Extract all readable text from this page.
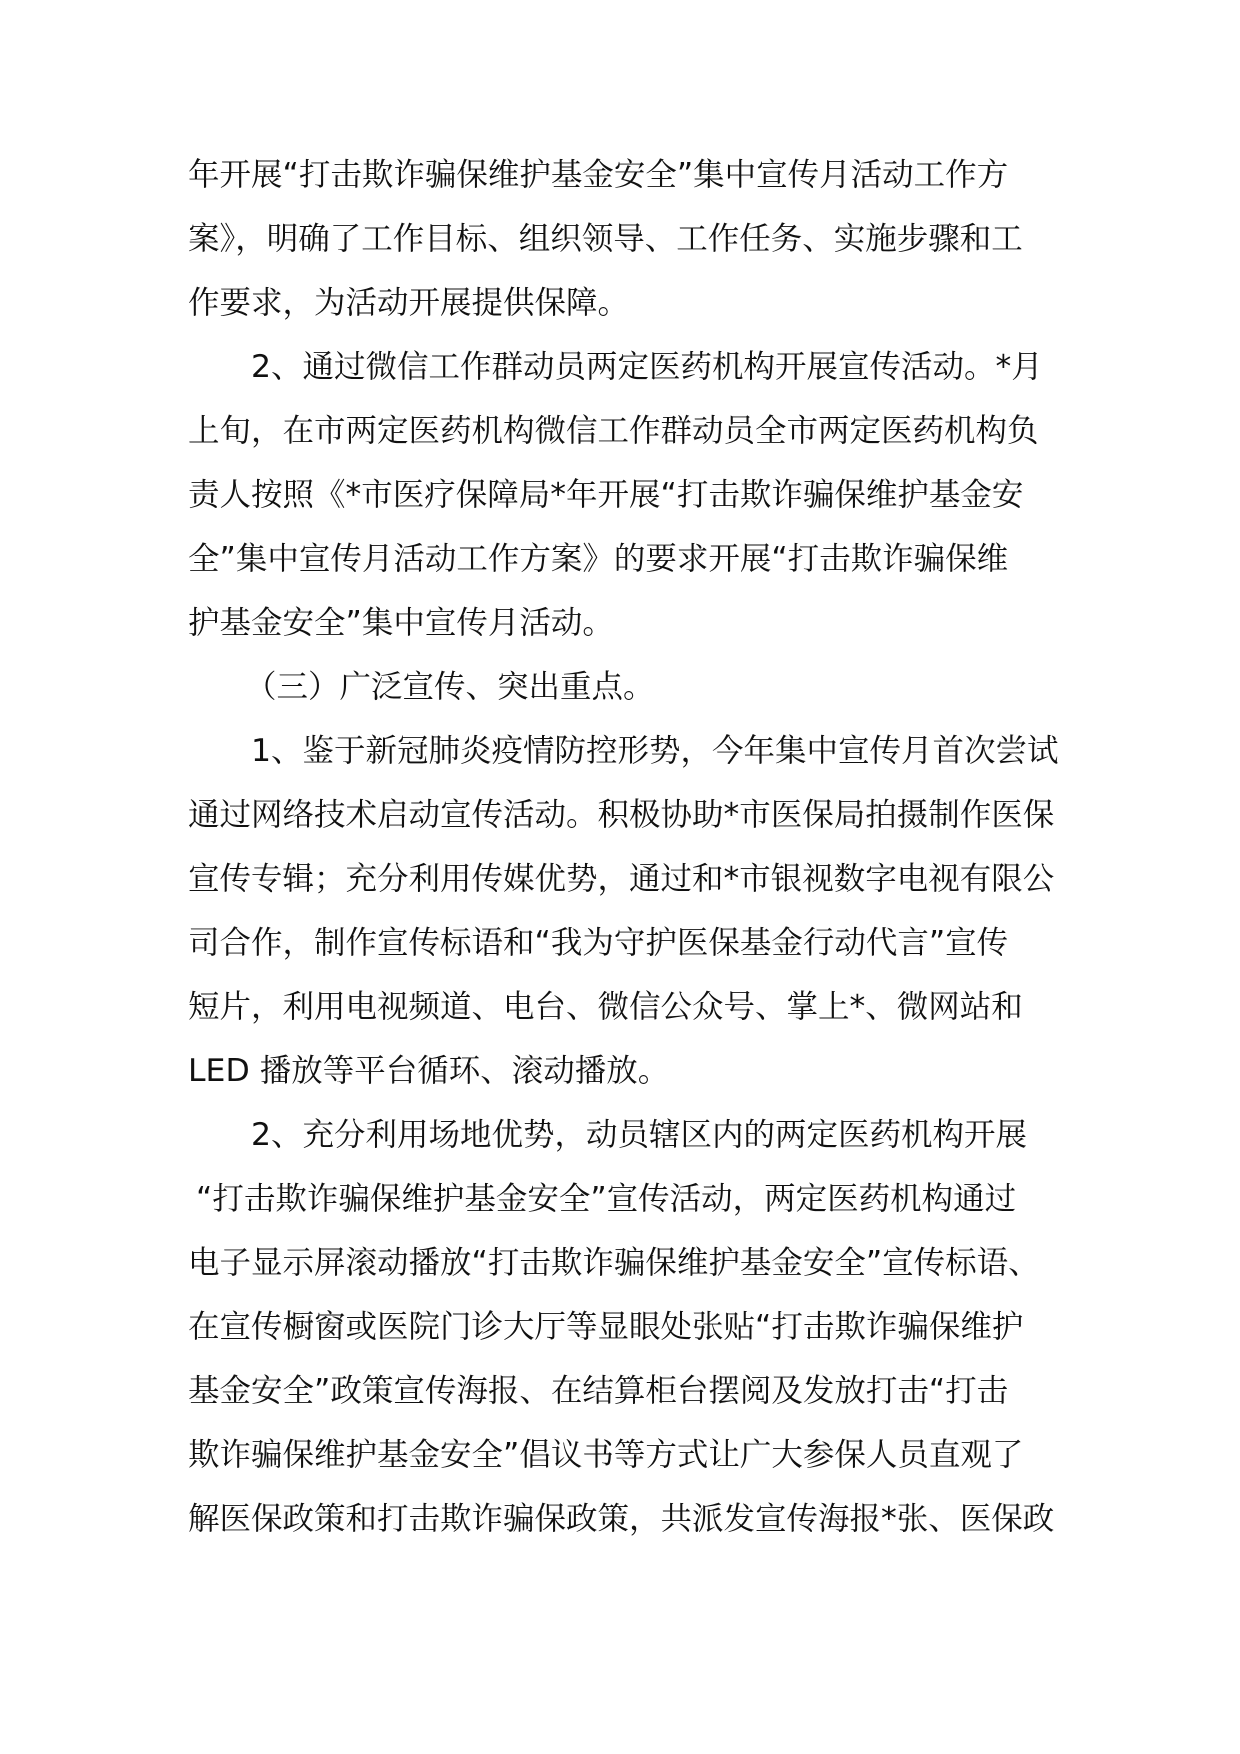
年开展“打击欺诈骗保维护基金安全”集中宣传月活动工作方
案》，明确了工作目标、组织领导、工作任务、实施步骤和工
作要求，为活动开展提供保障。
2、通过微信工作群动员两定医药机构开展宣传活动。*月
上旬，在市两定医药机构微信工作群动员全市两定医药机构负
责人按照《*市医疗保障局*年开展“打击欺诈骗保维护基金安
全”集中宣传月活动工作方案》的要求开展“打击欺诈骗保维
护基金安全”集中宣传月活动。
（三）广泛宣传、突出重点。
1、鉴于新冠肺炎疫情防控形势，今年集中宣传月首次尝试
通过网络技术启动宣传活动。积极协助*市医保局拍摄制作医保
宣传专辑；充分利用传媒优势，通过和*市银视数字电视有限公
司合作，制作宣传标语和“我为守护医保基金行动代言”宣传
短片，利用电视频道、电台、微信公众号、掌上*、微网站和
LED 播放等平台循环、滚动播放。
2、充分利用场地优势，动员辖区内的两定医药机构开展
“打击欺诈骗保维护基金安全”宣传活动，两定医药机构通过
电子显示屏滚动播放“打击欺诈骗保维护基金安全”宣传标语、
在宣传橱窗或医院门诊大厅等显眼处张贴“打击欺诈骗保维护
基金安全”政策宣传海报、在结算柜台摆阅及发放打击“打击
欺诈骗保维护基金安全”倡议书等方式让广大参保人员直观了
解医保政策和打击欺诈骗保政策，共派发宣传海报*张、医保政
